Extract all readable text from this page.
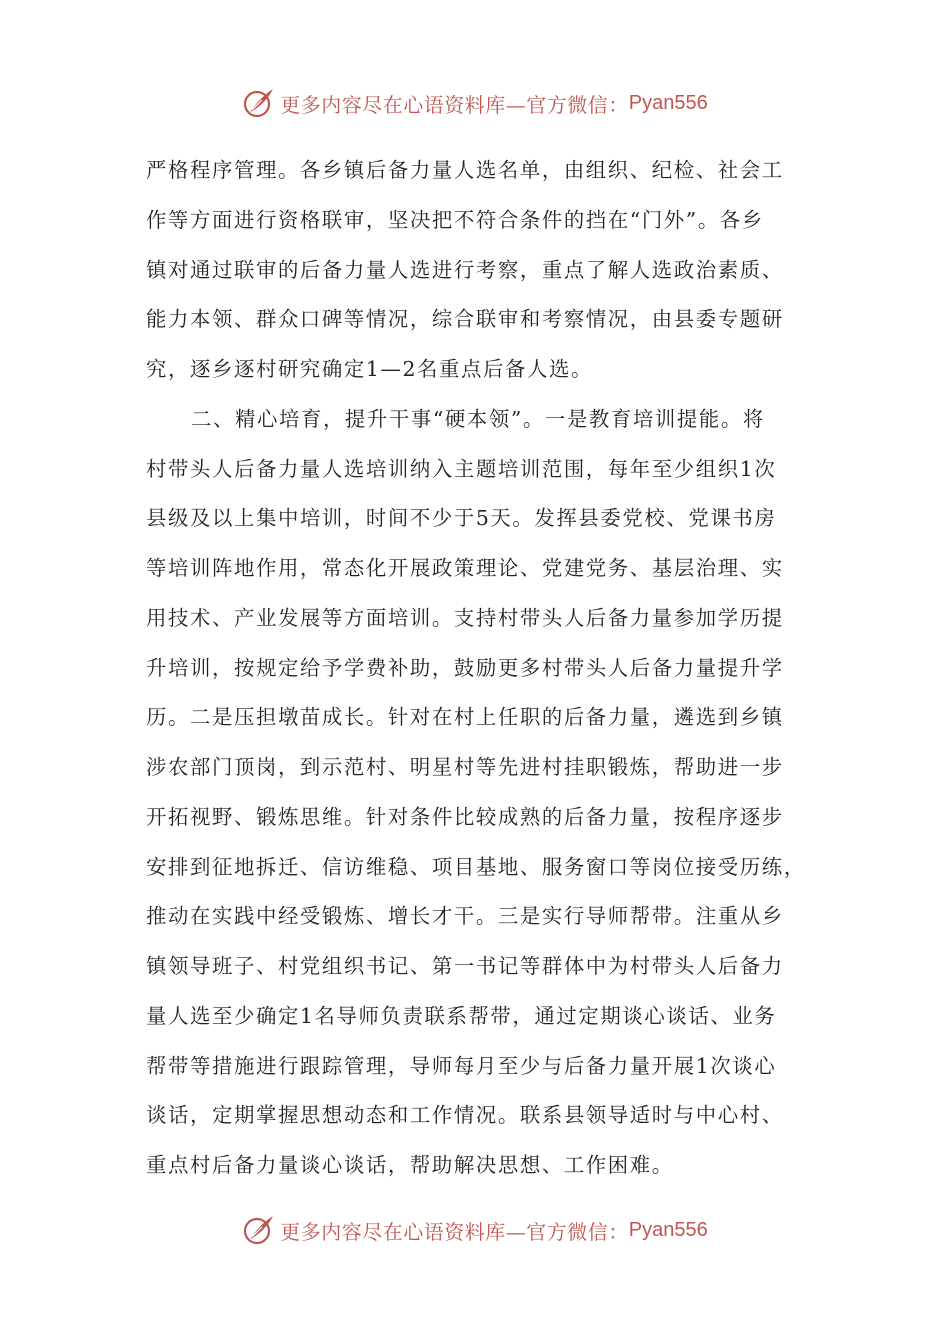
更多内容尽在心语资料库—官方微信： Pyan556
严格程序管理。各乡镇后备力量人选名单，由组织、纪检、社会工
作等方面进行资格联审，坚决把不符合条件的挡在“门外”。各乡
镇对通过联审的后备力量人选进行考察，重点了解人选政治素质、
能力本领、群众口碑等情况，综合联审和考察情况，由县委专题研
究，逐乡逐村研究确定1—2名重点后备人选。
二、精心培育，提升干事“硬本领”。一是教育培训提能。将
村带头人后备力量人选培训纳入主题培训范围，每年至少组织1次
县级及以上集中培训，时间不少于5天。发挥县委党校、党课书房
等培训阵地作用，常态化开展政策理论、党建党务、基层治理、实
用技术、产业发展等方面培训。支持村带头人后备力量参加学历提
升培训，按规定给予学费补助，鼓励更多村带头人后备力量提升学
历。二是压担墩苗成长。针对在村上任职的后备力量，遴选到乡镇
涉农部门顶岗，到示范村、明星村等先进村挂职锻炼，帮助进一步
开拓视野、锻炼思维。针对条件比较成熟的后备力量，按程序逐步
安排到征地拆迁、信访维稳、项目基地、服务窗口等岗位接受历练，
推动在实践中经受锻炼、增长才干。三是实行导师帮带。注重从乡
镇领导班子、村党组织书记、第一书记等群体中为村带头人后备力
量人选至少确定1名导师负责联系帮带，通过定期谈心谈话、业务
帮带等措施进行跟踪管理，导师每月至少与后备力量开展1次谈心
谈话，定期掌握思想动态和工作情况。联系县领导适时与中心村、
重点村后备力量谈心谈话，帮助解决思想、工作困难。
更多内容尽在心语资料库—官方微信： Pyan556
